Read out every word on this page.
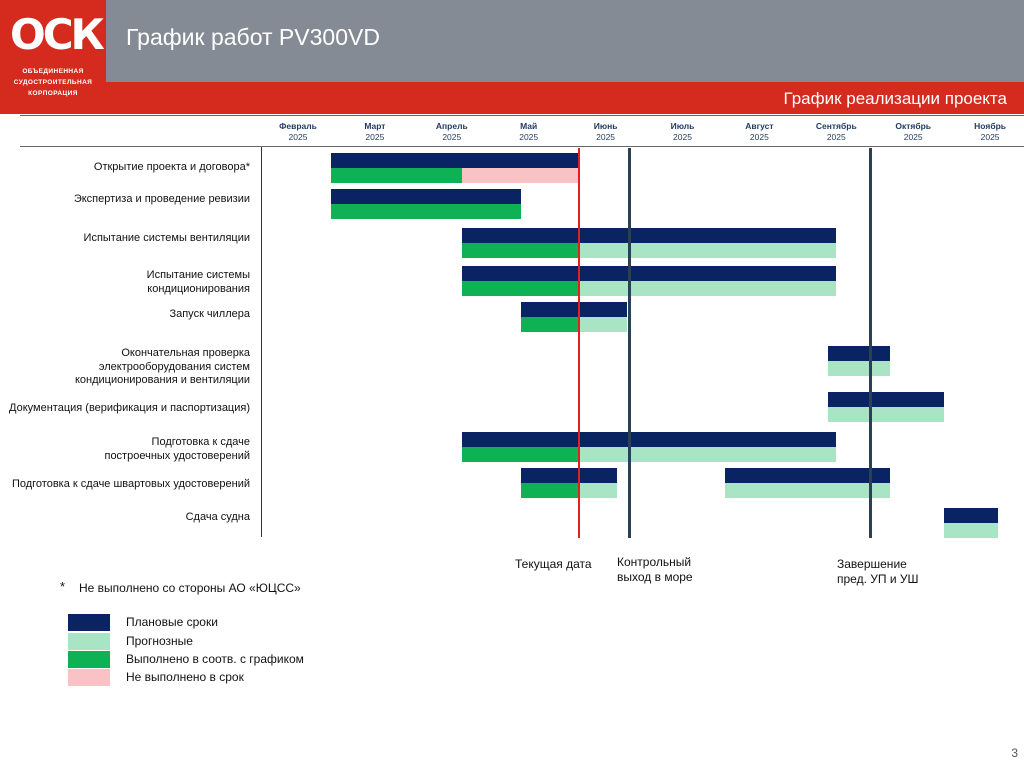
ОСК
ОБЪЕДИНЕННАЯ
СУДОСТРОИТЕЛЬНАЯ
КОРПОРАЦИЯ
График работ PV300VD
График реализации проекта
Февраль
2025
Март
2025
Апрель
2025
Май
2025
Июнь
2025
Июль
2025
Август
2025
Сентябрь
2025
Октябрь
2025
Ноябрь
2025
Открытие проекта и договора*
Экспертиза и проведение ревизии
Испытание системы вентиляции
Испытание системы
кондиционирования
Запуск чиллера
Окончательная проверка
электрооборудования систем
кондиционирования и вентиляции
Документация (верификация и паспортизация)
Подготовка к сдаче
построечных удостоверений
Подготовка к сдаче швартовых удостоверений
Сдача судна
Текущая дата Контрольный
выход в море
Завершение
пред. УП и УШ
* Не выполнено со стороны АО «ЮЦСС»
Плановые сроки
Прогнозные
Выполнено в соотв. с графиком
Не выполнено в срок
3
